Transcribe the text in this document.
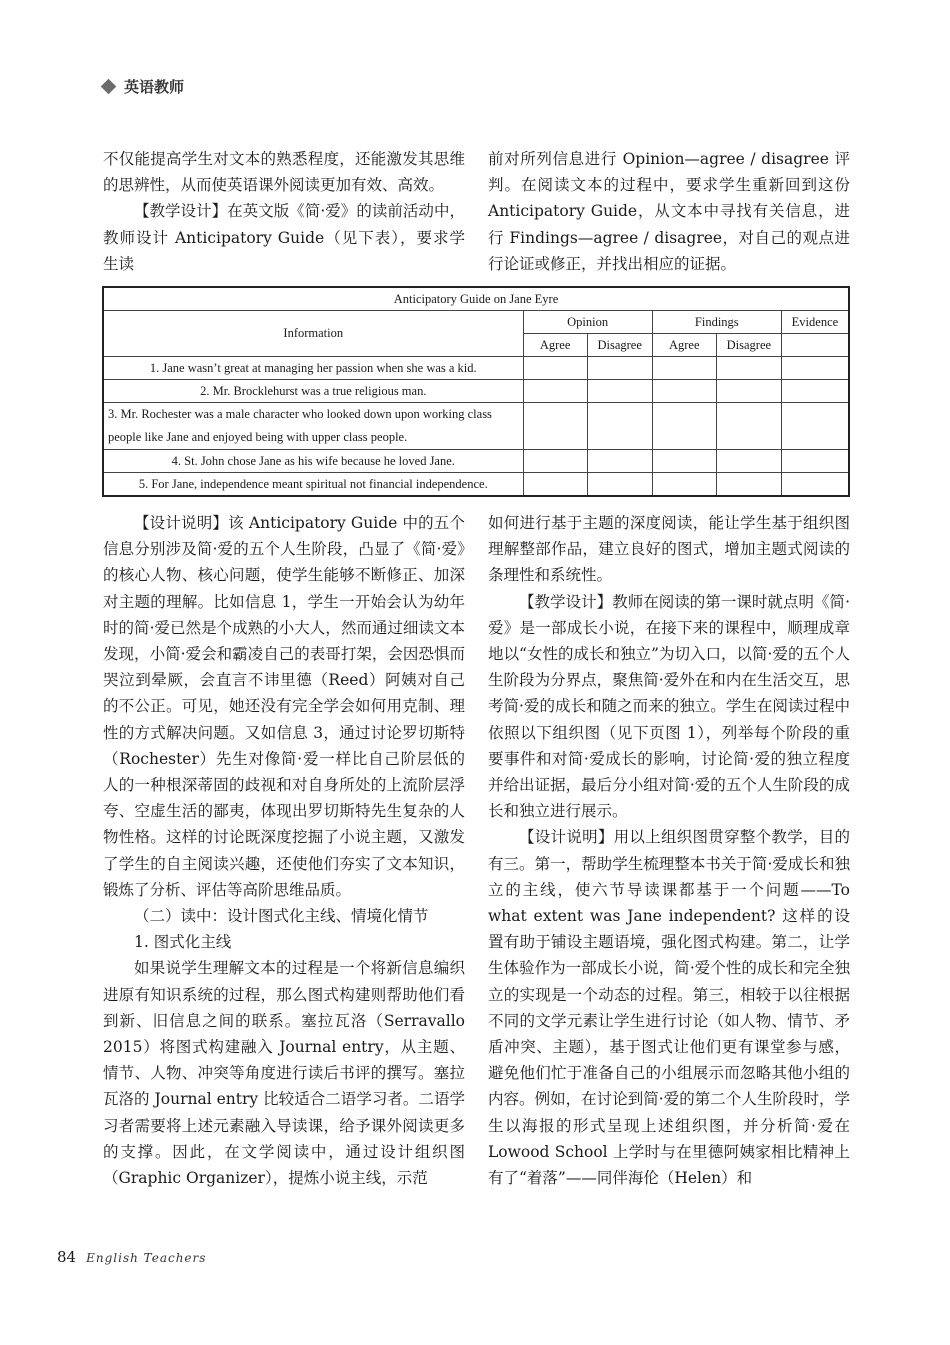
英语教师

不仅能提高学生对文本的熟悉程度，还能激发其思维的思辨性，从而使英语课外阅读更加有效、高效。

【教学设计】在英文版《简·爱》的读前活动中，教师设计 Anticipatory Guide（见下表），要求学生读

前对所列信息进行 Opinion—agree / disagree 评判。在阅读文本的过程中，要求学生重新回到这份 Anticipatory Guide，从文本中寻找有关信息，进行 Findings—agree / disagree，对自己的观点进行论证或修正，并找出相应的证据。

Anticipatory Guide on Jane Eyre					
Information	Opinion		Findings		Evidence
	Agree	Disagree	Agree	Disagree	
1. Jane wasn’t great at managing her passion when she was a kid.					
2. Mr. Brocklehurst was a true religious man.					
3. Mr. Rochester was a male character who looked down upon working class people like Jane and enjoyed being with upper class people.					
4. St. John chose Jane as his wife because he loved Jane.					
5. For Jane, independence meant spiritual not financial independence.					

【设计说明】该 Anticipatory Guide 中的五个信息分别涉及简·爱的五个人生阶段，凸显了《简·爱》的核心人物、核心问题，使学生能够不断修正、加深对主题的理解。比如信息 1，学生一开始会认为幼年时的简·爱已然是个成熟的小大人，然而通过细读文本发现，小简·爱会和霸凌自己的表哥打架，会因恐惧而哭泣到晕厥，会直言不讳里德（Reed）阿姨对自己的不公正。可见，她还没有完全学会如何用克制、理性的方式解决问题。又如信息 3，通过讨论罗切斯特（Rochester）先生对像简·爱一样比自己阶层低的人的一种根深蒂固的歧视和对自身所处的上流阶层浮夸、空虚生活的鄙夷，体现出罗切斯特先生复杂的人物性格。这样的讨论既深度挖掘了小说主题，又激发了学生的自主阅读兴趣，还使他们夯实了文本知识，锻炼了分析、评估等高阶思维品质。

（二）读中：设计图式化主线、情境化情节

1. 图式化主线

如果说学生理解文本的过程是一个将新信息编织进原有知识系统的过程，那么图式构建则帮助他们看到新、旧信息之间的联系。塞拉瓦洛（Serravallo 2015）将图式构建融入 Journal entry，从主题、情节、人物、冲突等角度进行读后书评的撰写。塞拉瓦洛的 Journal entry 比较适合二语学习者。二语学习者需要将上述元素融入导读课，给予课外阅读更多的支撑。因此，在文学阅读中，通过设计组织图（Graphic Organizer），提炼小说主线，示范

如何进行基于主题的深度阅读，能让学生基于组织图理解整部作品，建立良好的图式，增加主题式阅读的条理性和系统性。

【教学设计】教师在阅读的第一课时就点明《简·爱》是一部成长小说，在接下来的课程中，顺理成章地以“女性的成长和独立”为切入口，以简·爱的五个人生阶段为分界点，聚焦简·爱外在和内在生活交互，思考简·爱的成长和随之而来的独立。学生在阅读过程中依照以下组织图（见下页图 1），列举每个阶段的重要事件和对简·爱成长的影响，讨论简·爱的独立程度并给出证据，最后分小组对简·爱的五个人生阶段的成长和独立进行展示。

【设计说明】用以上组织图贯穿整个教学，目的有三。第一，帮助学生梳理整本书关于简·爱成长和独立的主线，使六节导读课都基于一个问题——To what extent was Jane independent? 这样的设置有助于铺设主题语境，强化图式构建。第二，让学生体验作为一部成长小说，简·爱个性的成长和完全独立的实现是一个动态的过程。第三，相较于以往根据不同的文学元素让学生进行讨论（如人物、情节、矛盾冲突、主题），基于图式让他们更有课堂参与感，避免他们忙于准备自己的小组展示而忽略其他小组的内容。例如，在讨论到简·爱的第二个人生阶段时，学生以海报的形式呈现上述组织图，并分析简·爱在 Lowood School 上学时与在里德阿姨家相比精神上有了“着落”——同伴海伦（Helen）和

84 English Teachers
